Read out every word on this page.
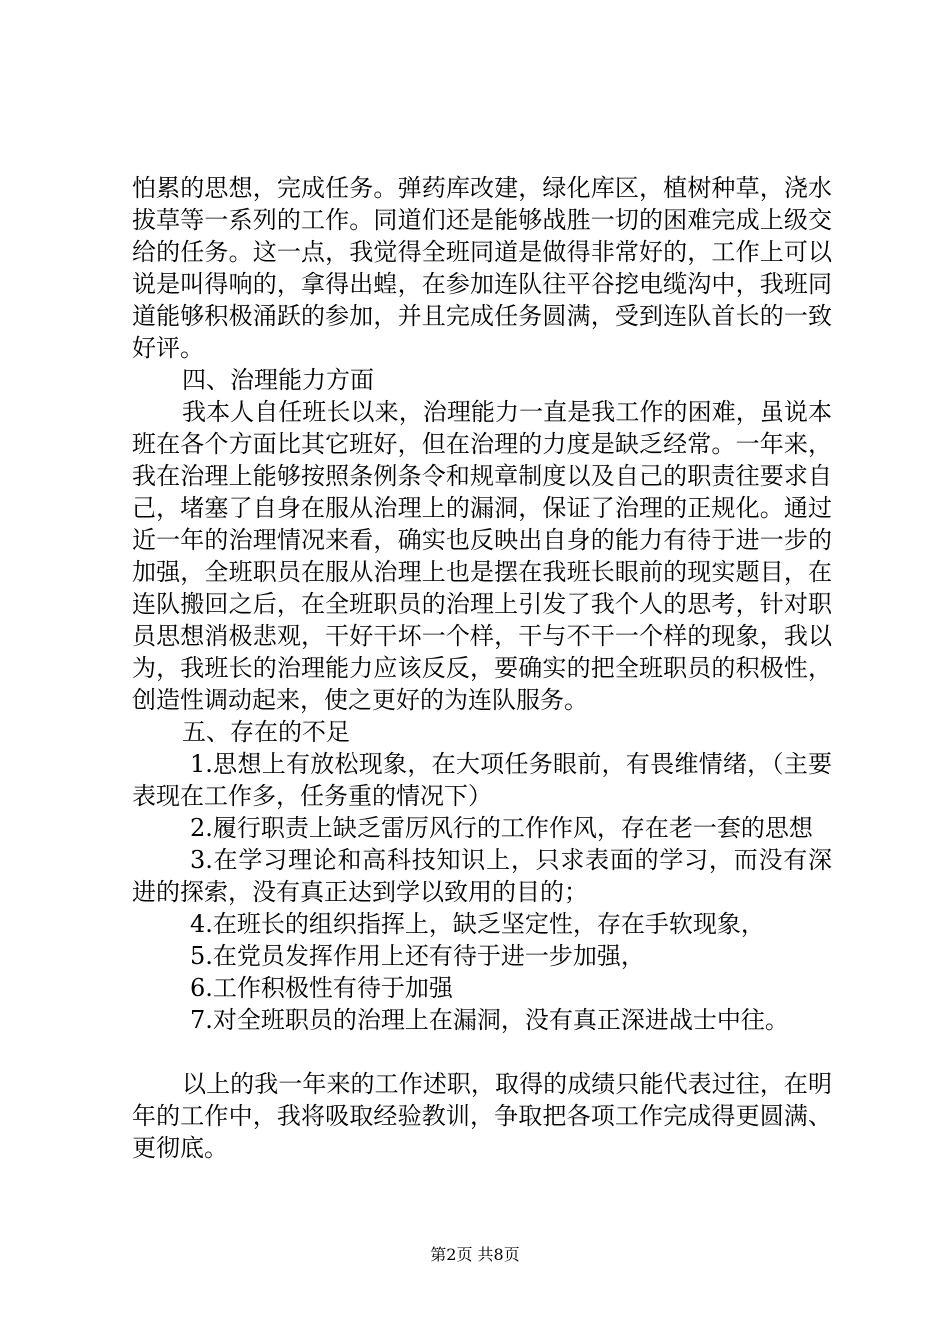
怕累的思想，完成任务。弹药库改建，绿化库区，植树种草，浇水拔草等一系列的工作。同道们还是能够战胜一切的困难完成上级交给的任务。这一点，我觉得全班同道是做得非常好的，工作上可以说是叫得响的，拿得出蝗，在参加连队往平谷挖电缆沟中，我班同道能够积极涌跃的参加，并且完成任务圆满，受到连队首长的一致好评。

四、治理能力方面

我本人自任班长以来，治理能力一直是我工作的困难，虽说本班在各个方面比其它班好，但在治理的力度是缺乏经常。一年来，我在治理上能够按照条例条令和规章制度以及自己的职责往要求自己，堵塞了自身在服从治理上的漏洞，保证了治理的正规化。通过近一年的治理情况来看，确实也反映出自身的能力有待于进一步的加强，全班职员在服从治理上也是摆在我班长眼前的现实题目，在连队搬回之后，在全班职员的治理上引发了我个人的思考，针对职员思想消极悲观，干好干坏一个样，干与不干一个样的现象，我以为，我班长的治理能力应该反反，要确实的把全班职员的积极性，创造性调动起来，使之更好的为连队服务。

五、存在的不足

1.思想上有放松现象，在大项任务眼前，有畏维情绪，（主要表现在工作多，任务重的情况下）

2.履行职责上缺乏雷厉风行的工作作风，存在老一套的思想

3.在学习理论和高科技知识上，只求表面的学习，而没有深进的探索，没有真正达到学以致用的目的；

4.在班长的组织指挥上，缺乏坚定性，存在手软现象，

5.在党员发挥作用上还有待于进一步加强，

6.工作积极性有待于加强

7.对全班职员的治理上在漏洞，没有真正深进战士中往。

以上的我一年来的工作述职，取得的成绩只能代表过往，在明年的工作中，我将吸取经验教训，争取把各项工作完成得更圆满、更彻底。

第2页 共8页
